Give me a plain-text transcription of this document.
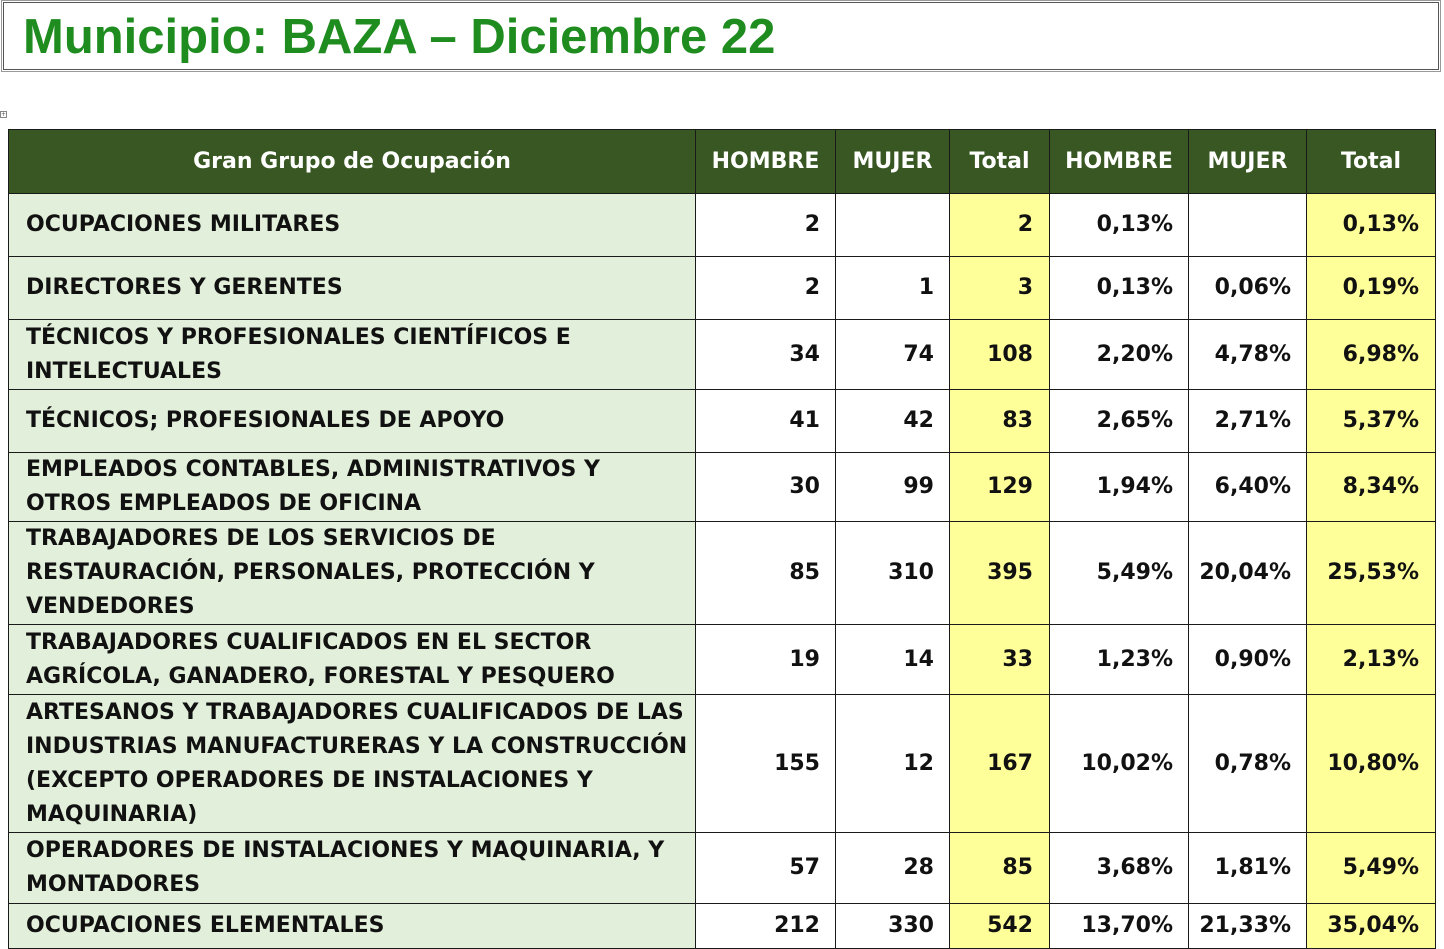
Municipio: BAZA – Diciembre 22
+
Gran Grupo de Ocupación	HOMBRE	MUJER	Total	HOMBRE	MUJER	Total
OCUPACIONES MILITARES	2		2	0,13%		0,13%
DIRECTORES Y GERENTES	2	1	3	0,13%	0,06%	0,19%
TÉCNICOS Y PROFESIONALES CIENTÍFICOS E INTELECTUALES	34	74	108	2,20%	4,78%	6,98%
TÉCNICOS; PROFESIONALES DE APOYO	41	42	83	2,65%	2,71%	5,37%
EMPLEADOS CONTABLES, ADMINISTRATIVOS Y OTROS EMPLEADOS DE OFICINA	30	99	129	1,94%	6,40%	8,34%
TRABAJADORES DE LOS SERVICIOS DE RESTAURACIÓN, PERSONALES, PROTECCIÓN Y VENDEDORES	85	310	395	5,49%	20,04%	25,53%
TRABAJADORES CUALIFICADOS EN EL SECTOR AGRÍCOLA, GANADERO, FORESTAL Y PESQUERO	19	14	33	1,23%	0,90%	2,13%
ARTESANOS Y TRABAJADORES CUALIFICADOS DE LAS INDUSTRIAS MANUFACTURERAS Y LA CONSTRUCCIÓN (EXCEPTO OPERADORES DE INSTALACIONES Y MAQUINARIA)	155	12	167	10,02%	0,78%	10,80%
OPERADORES DE INSTALACIONES Y MAQUINARIA, Y MONTADORES	57	28	85	3,68%	1,81%	5,49%
OCUPACIONES ELEMENTALES	212	330	542	13,70%	21,33%	35,04%
